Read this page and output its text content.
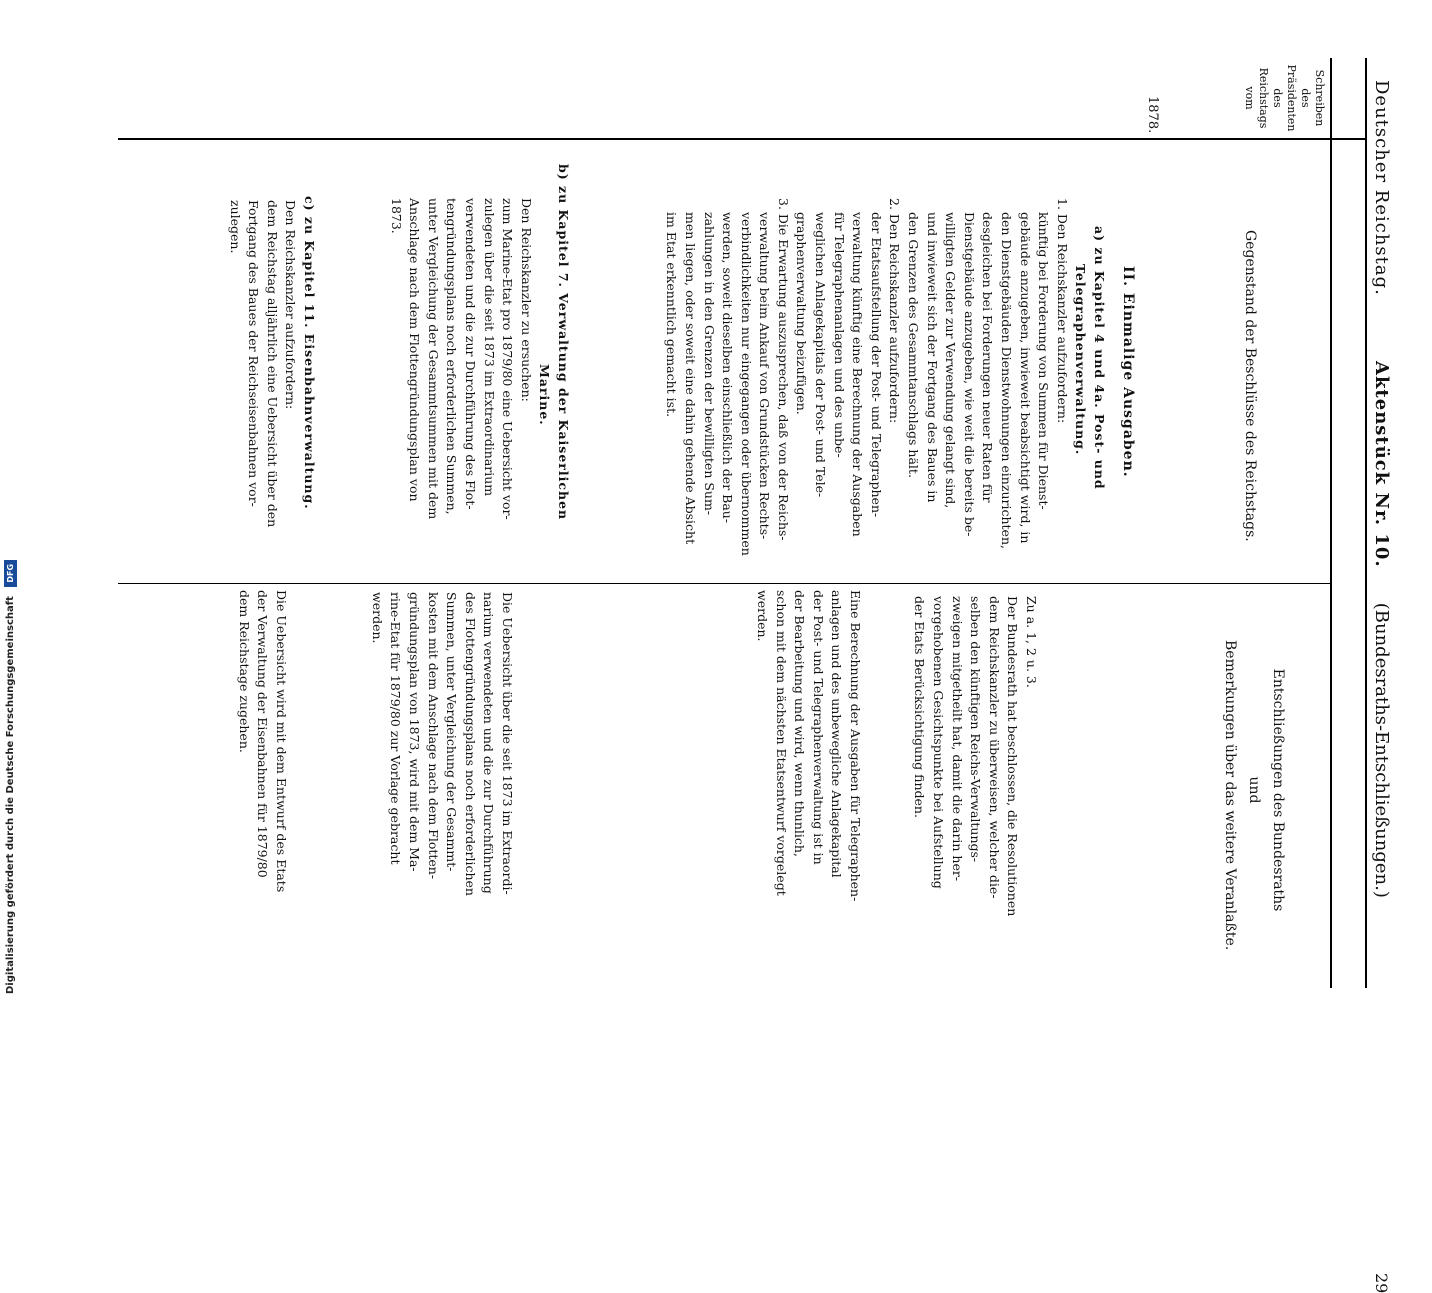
Deutscher Reichstag. Aktenstück Nr. 10. (Bundesraths-Entschließungen.) 29
Schreiben
des
Präsidenten
des
Reichstags
vom
1878.
Gegenstand der Beschlüsse des Reichstags.
Entschließungen des Bundesraths
und
Bemerkungen über das weitere Veranlaßte.
II. Einmalige Ausgaben.

a) zu Kapitel 4 und 4a. Post- und

Telegraphenverwaltung.

1. Den Reichskanzler aufzufordern:

künftig bei Forderung von Summen für Dienst-

gebäude anzugeben, inwieweit beabsichtigt wird, in

den Dienstgebäuden Dienstwohnungen einzurichten,

desgleichen bei Forderungen neuer Raten für

Dienstgebäude anzugeben, wie weit die bereits be-

willigten Gelder zur Verwendung gelangt sind,

und inwieweit sich der Fortgang des Baues in

den Grenzen des Gesammtanschlags hält.

2. Den Reichskanzler aufzufordern:

der Etatsaufstellung der Post- und Telegraphen-

verwaltung künftig eine Berechnung der Ausgaben

für Telegraphenanlagen und des unbe-

weglichen Anlagekapitals der Post- und Tele-

graphenverwaltung beizufügen.

3. Die Erwartung auszusprechen, daß von der Reichs-

verwaltung beim Ankauf von Grundstücken Rechts-

verbindlichkeiten nur eingegangen oder übernommen

werden, soweit dieselben einschließlich der Bau-

zahlungen in den Grenzen der bewilligten Sum-

men liegen, oder soweit eine dahin gehende Absicht

im Etat erkenntlich gemacht ist.

b) zu Kapitel 7. Verwaltung der Kaiserlichen

Marine.

Den Reichskanzler zu ersuchen:

zum Marine-Etat pro 1879/80 eine Uebersicht vor-

zulegen über die seit 1873 im Extraordinarium

verwendeten und die zur Durchführung des Flot-

tengründungsplans noch erforderlichen Summen,

unter Vergleichung der Gesammtsummen mit dem

Anschlage nach dem Flottengründungsplan von

1873.

c) zu Kapitel 11. Eisenbahnverwaltung.

Den Reichskanzler aufzufordern:

dem Reichstag alljährlich eine Uebersicht über den

Fortgang des Baues der Reichseisenbahnen vor-

zulegen.

Zu a. 1, 2 u. 3.

Der Bundesrath hat beschlossen, die Resolutionen

dem Reichskanzler zu überweisen, welcher die-

selben den künftigen Reichs-Verwaltungs-

zweigen mitgetheilt hat, damit die darin her-

vorgehobenen Gesichtspunkte bei Aufstellung

der Etats Berücksichtigung finden.

Eine Berechnung der Ausgaben für Telegraphen-

anlagen und des unbewegliche Anlagekapital

der Post- und Telegraphenverwaltung ist in

der Bearbeitung und wird, wenn thunlich,

schon mit dem nächsten Etatsentwurf vorgelegt

werden.

Die Uebersicht über die seit 1873 im Extraordi-

narium verwendeten und die zur Durchführung

des Flottengründungsplans noch erforderlichen

Summen, unter Vergleichung der Gesammt-

kosten mit dem Anschlage nach dem Flotten-

gründungsplan von 1873, wird mit dem Ma-

rine-Etat für 1879/80 zur Vorlage gebracht

werden.

Die Uebersicht wird mit dem Entwurf des Etats

der Verwaltung der Eisenbahnen für 1879/80

dem Reichstage zugehen.

Digitalisierung gefördert durch die Deutsche Forschungsgemeinschaft DFG
